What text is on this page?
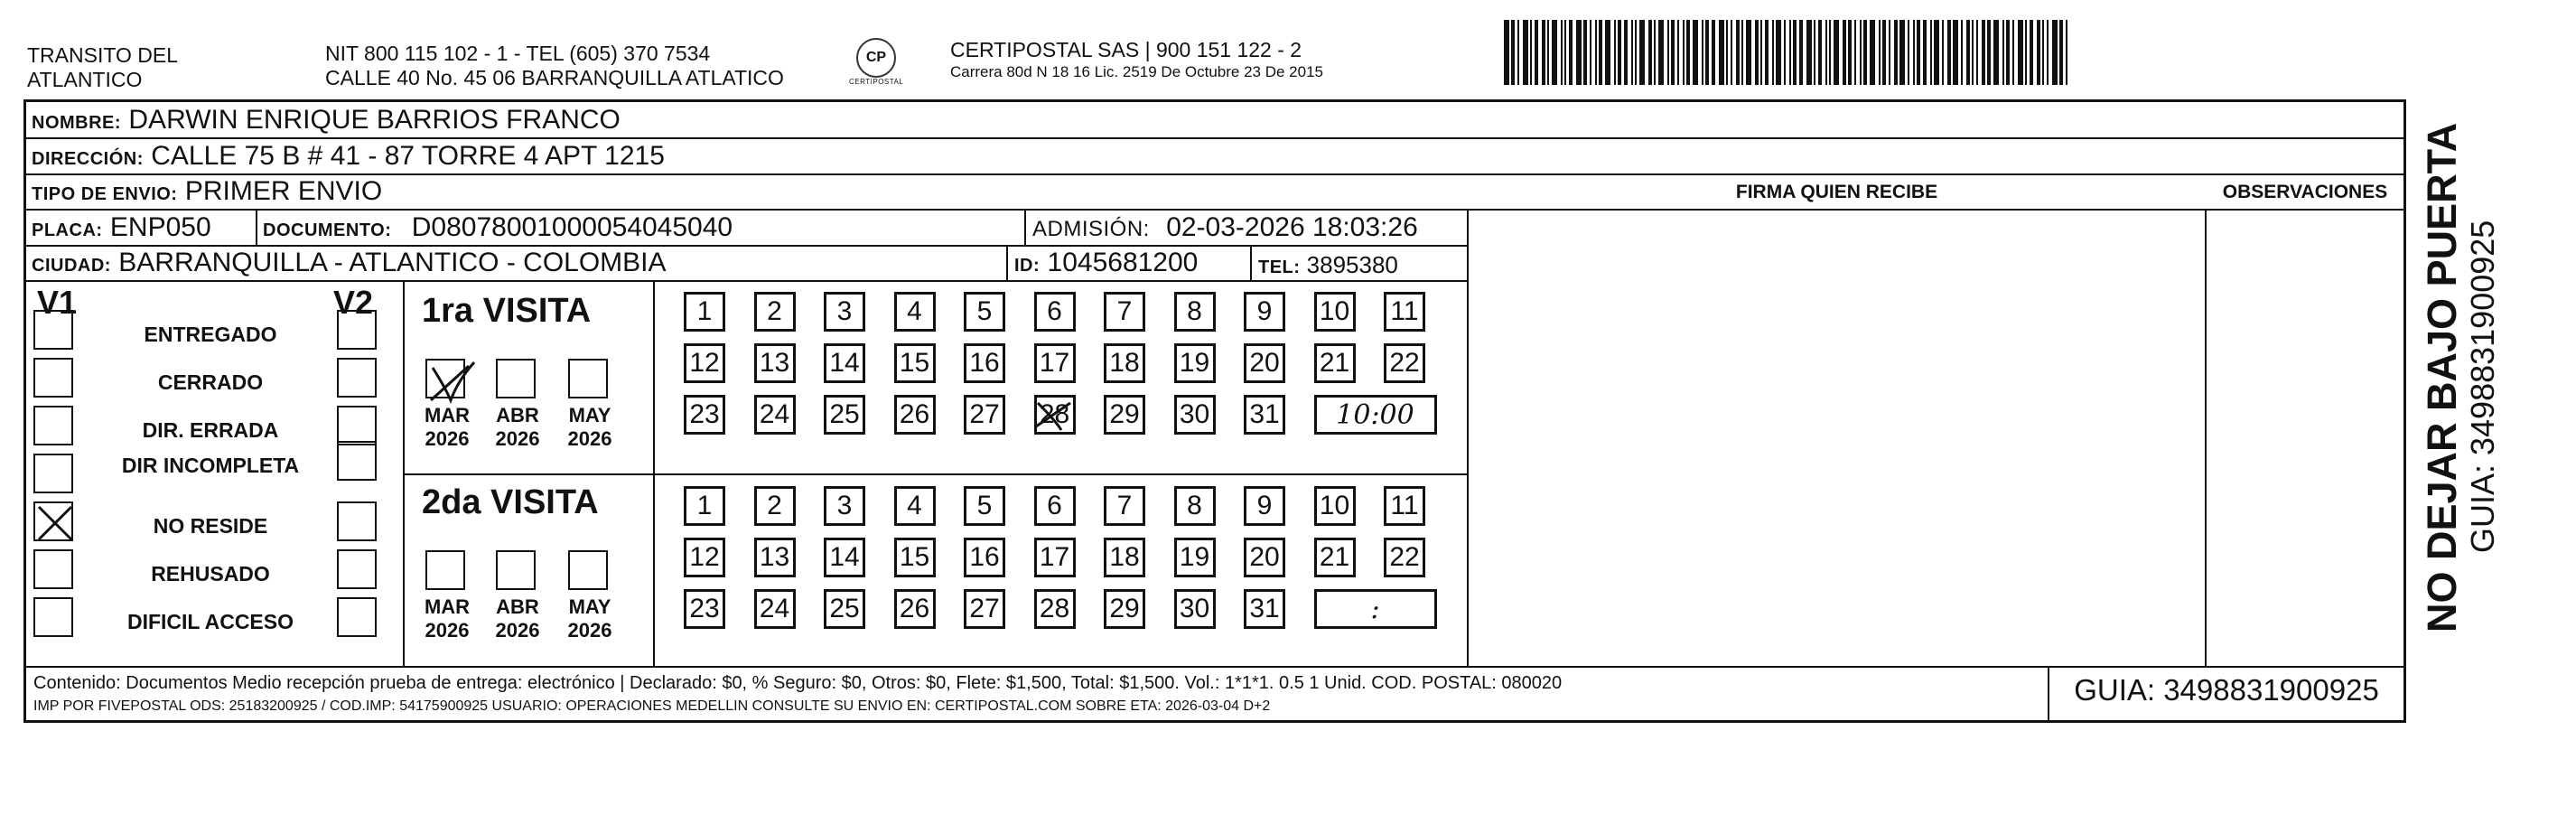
TRANSITO DEL
ATLANTICO
NIT 800 115 102 - 1 - TEL (605) 370 7534
CALLE 40 No. 45 06 BARRANQUILLA ATLATICO
CP
CERTIPOSTAL
CERTIPOSTAL SAS | 900 151 122 - 2
Carrera 80d N 18 16 Lic. 2519 De Octubre 23 De 2015
NOMBRE: DARWIN ENRIQUE BARRIOS FRANCO
DIRECCIÓN: CALLE 75 B # 41 - 87 TORRE 4 APT 1215
TIPO DE ENVIO: PRIMER ENVIO	FIRMA QUIEN RECIBE	OBSERVACIONES
PLACA: ENP050	DOCUMENTO: D08078001000054045040	ADMISIÓN: 02-03-2026 18:03:26
CIUDAD: BARRANQUILLA - ATLANTICO - COLOMBIA	ID: 1045681200	TEL: 3895380
V1	V2
ENTREGADO
CERRADO
DIR. ERRADA
DIR INCOMPLETA
NO RESIDE
REHUSADO
DIFICIL ACCESO
1ra VISITA
MAR
2026
ABR
2026
MAY
2026
1	2	3	4	5	6	7	8	9	10 11
12 13 14 15 16 17 18 19 20 21 22
23 24 25 26 27 28 29 30 31	10:00
2da VISITA
MAR
2026
ABR
2026
MAY
2026
1	2	3	4	5	6	7	8	9	10 11
12 13 14 15 16 17 18 19 20 21 22
23 24 25 26 27 28 29 30 31	:
Contenido: Documentos Medio recepción prueba de entrega: electrónico | Declarado: $0, % Seguro: $0, Otros: $0, Flete: $1,500, Total: $1,500. Vol.: 1*1*1. 0.5 1 Unid. COD. POSTAL: 080020
IMP POR FIVEPOSTAL ODS: 25183200925 / COD.IMP: 54175900925 USUARIO: OPERACIONES MEDELLIN CONSULTE SU ENVIO EN: CERTIPOSTAL.COM SOBRE ETA: 2026-03-04 D+2	GUIA: 3498831900925
NO DEJAR BAJO PUERTA GUIA: 3498831900925
